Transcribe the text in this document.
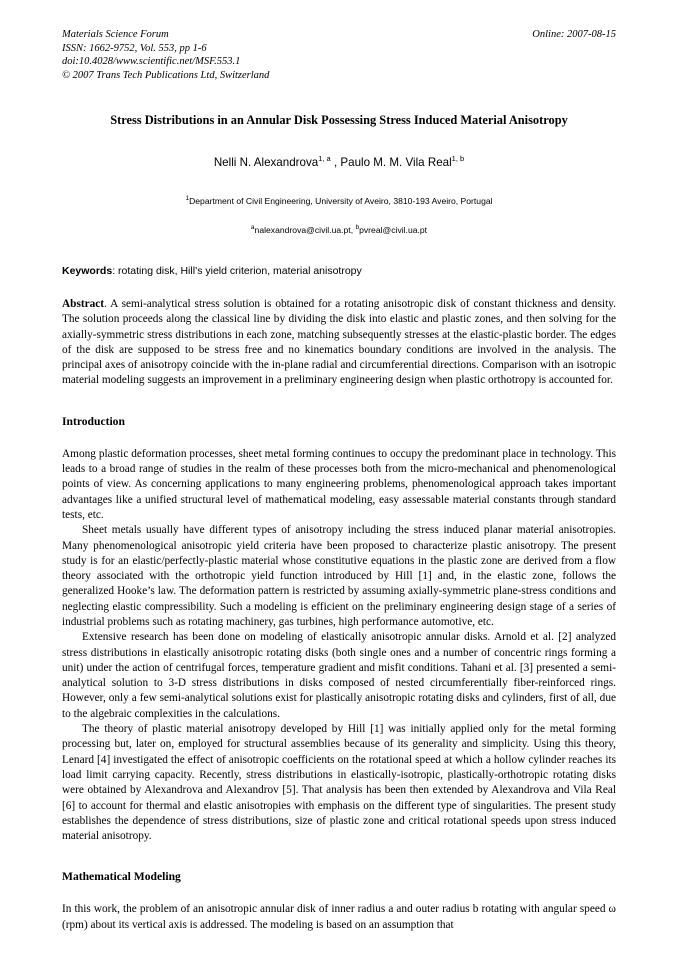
Materials Science Forum
ISSN: 1662-9752, Vol. 553, pp 1-6
doi:10.4028/www.scientific.net/MSF.553.1
© 2007 Trans Tech Publications Ltd, Switzerland
Online: 2007-08-15
Stress Distributions in an Annular Disk Possessing Stress Induced Material Anisotropy
Nelli N. Alexandrova$^{1, a}$ , Paulo M. M. Vila Real$^{1, b}$
$^1$Department of Civil Engineering, University of Aveiro, 3810-193 Aveiro, Portugal
$^a$nalexandrova@civil.ua.pt, $^b$pvreal@civil.ua.pt
Keywords: rotating disk, Hill’s yield criterion, material anisotropy
Abstract. A semi-analytical stress solution is obtained for a rotating anisotropic disk of constant thickness and density. The solution proceeds along the classical line by dividing the disk into elastic and plastic zones, and then solving for the axially-symmetric stress distributions in each zone, matching subsequently stresses at the elastic-plastic border. The edges of the disk are supposed to be stress free and no kinematics boundary conditions are involved in the analysis. The principal axes of anisotropy coincide with the in-plane radial and circumferential directions. Comparison with an isotropic material modeling suggests an improvement in a preliminary engineering design when plastic orthotropy is accounted for.
Introduction

Among plastic deformation processes, sheet metal forming continues to occupy the predominant place in technology. This leads to a broad range of studies in the realm of these processes both from the micro-mechanical and phenomenological points of view. As concerning applications to many engineering problems, phenomenological approach takes important advantages like a unified structural level of mathematical modeling, easy assessable material constants through standard tests, etc.

Sheet metals usually have different types of anisotropy including the stress induced planar material anisotropies. Many phenomenological anisotropic yield criteria have been proposed to characterize plastic anisotropy. The present study is for an elastic/perfectly-plastic material whose constitutive equations in the plastic zone are derived from a flow theory associated with the orthotropic yield function introduced by Hill [1] and, in the elastic zone, follows the generalized Hooke’s law. The deformation pattern is restricted by assuming axially-symmetric plane-stress conditions and neglecting elastic compressibility. Such a modeling is efficient on the preliminary engineering design stage of a series of industrial problems such as rotating machinery, gas turbines, high performance automotive, etc.

Extensive research has been done on modeling of elastically anisotropic annular disks. Arnold et al. [2] analyzed stress distributions in elastically anisotropic rotating disks (both single ones and a number of concentric rings forming a unit) under the action of centrifugal forces, temperature gradient and misfit conditions. Tahani et al. [3] presented a semi-analytical solution to 3-D stress distributions in disks composed of nested circumferentially fiber-reinforced rings. However, only a few semi-analytical solutions exist for plastically anisotropic rotating disks and cylinders, first of all, due to the algebraic complexities in the calculations.

The theory of plastic material anisotropy developed by Hill [1] was initially applied only for the metal forming processing but, later on, employed for structural assemblies because of its generality and simplicity. Using this theory, Lenard [4] investigated the effect of anisotropic coefficients on the rotational speed at which a hollow cylinder reaches its load limit carrying capacity. Recently, stress distributions in elastically-isotropic, plastically-orthotropic rotating disks were obtained by Alexandrova and Alexandrov [5]. That analysis has been then extended by Alexandrova and Vila Real [6] to account for thermal and elastic anisotropies with emphasis on the different type of singularities. The present study establishes the dependence of stress distributions, size of plastic zone and critical rotational speeds upon stress induced material anisotropy.

Mathematical Modeling

In this work, the problem of an anisotropic annular disk of inner radius a and outer radius b rotating with angular speed ω (rpm) about its vertical axis is addressed. The modeling is based on an assumption that
